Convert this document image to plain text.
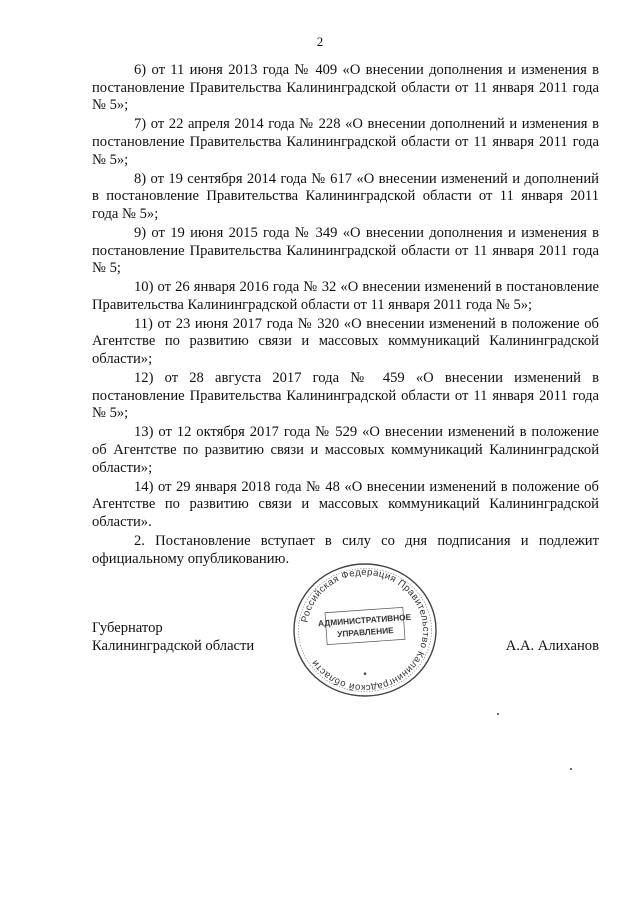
2

6) от 11 июня 2013 года № 409 «О внесении дополнения и изменения в постановление Правительства Калининградской области от 11 января 2011 года № 5»;

7) от 22 апреля 2014 года № 228 «О внесении дополнений и изменения в постановление Правительства Калининградской области от 11 января 2011 года № 5»;

8) от 19 сентября 2014 года № 617 «О внесении изменений и дополнений в постановление Правительства Калининградской области от 11 января 2011 года № 5»;

9) от 19 июня 2015 года № 349 «О внесении дополнения и изменения в постановление Правительства Калининградской области от 11 января 2011 года № 5;

10) от 26 января 2016 года № 32 «О внесении изменений в постановление Правительства Калининградской области от 11 января 2011 года № 5»;

11) от 23 июня 2017 года № 320 «О внесении изменений в положение об Агентстве по развитию связи и массовых коммуникаций Калининградской области»;

12) от 28 августа 2017 года № 459 «О внесении изменений в постановление Правительства Калининградской области от 11 января 2011 года № 5»;

13) от 12 октября 2017 года № 529 «О внесении изменений в положение об Агентстве по развитию связи и массовых коммуникаций Калининградской области»;

14) от 29 января 2018 года № 48 «О внесении изменений в положение об Агентстве по развитию связи и массовых коммуникаций Калининградской области».

2. Постановление вступает в силу со дня подписания и подлежит официальному опубликованию.

Губернатор
Калининградской области	А.А. Алиханов
Российская Федерация Правительство Калининградской области
АДМИНИСТРАТИВНОЕ
УПРАВЛЕНИЕ
*
